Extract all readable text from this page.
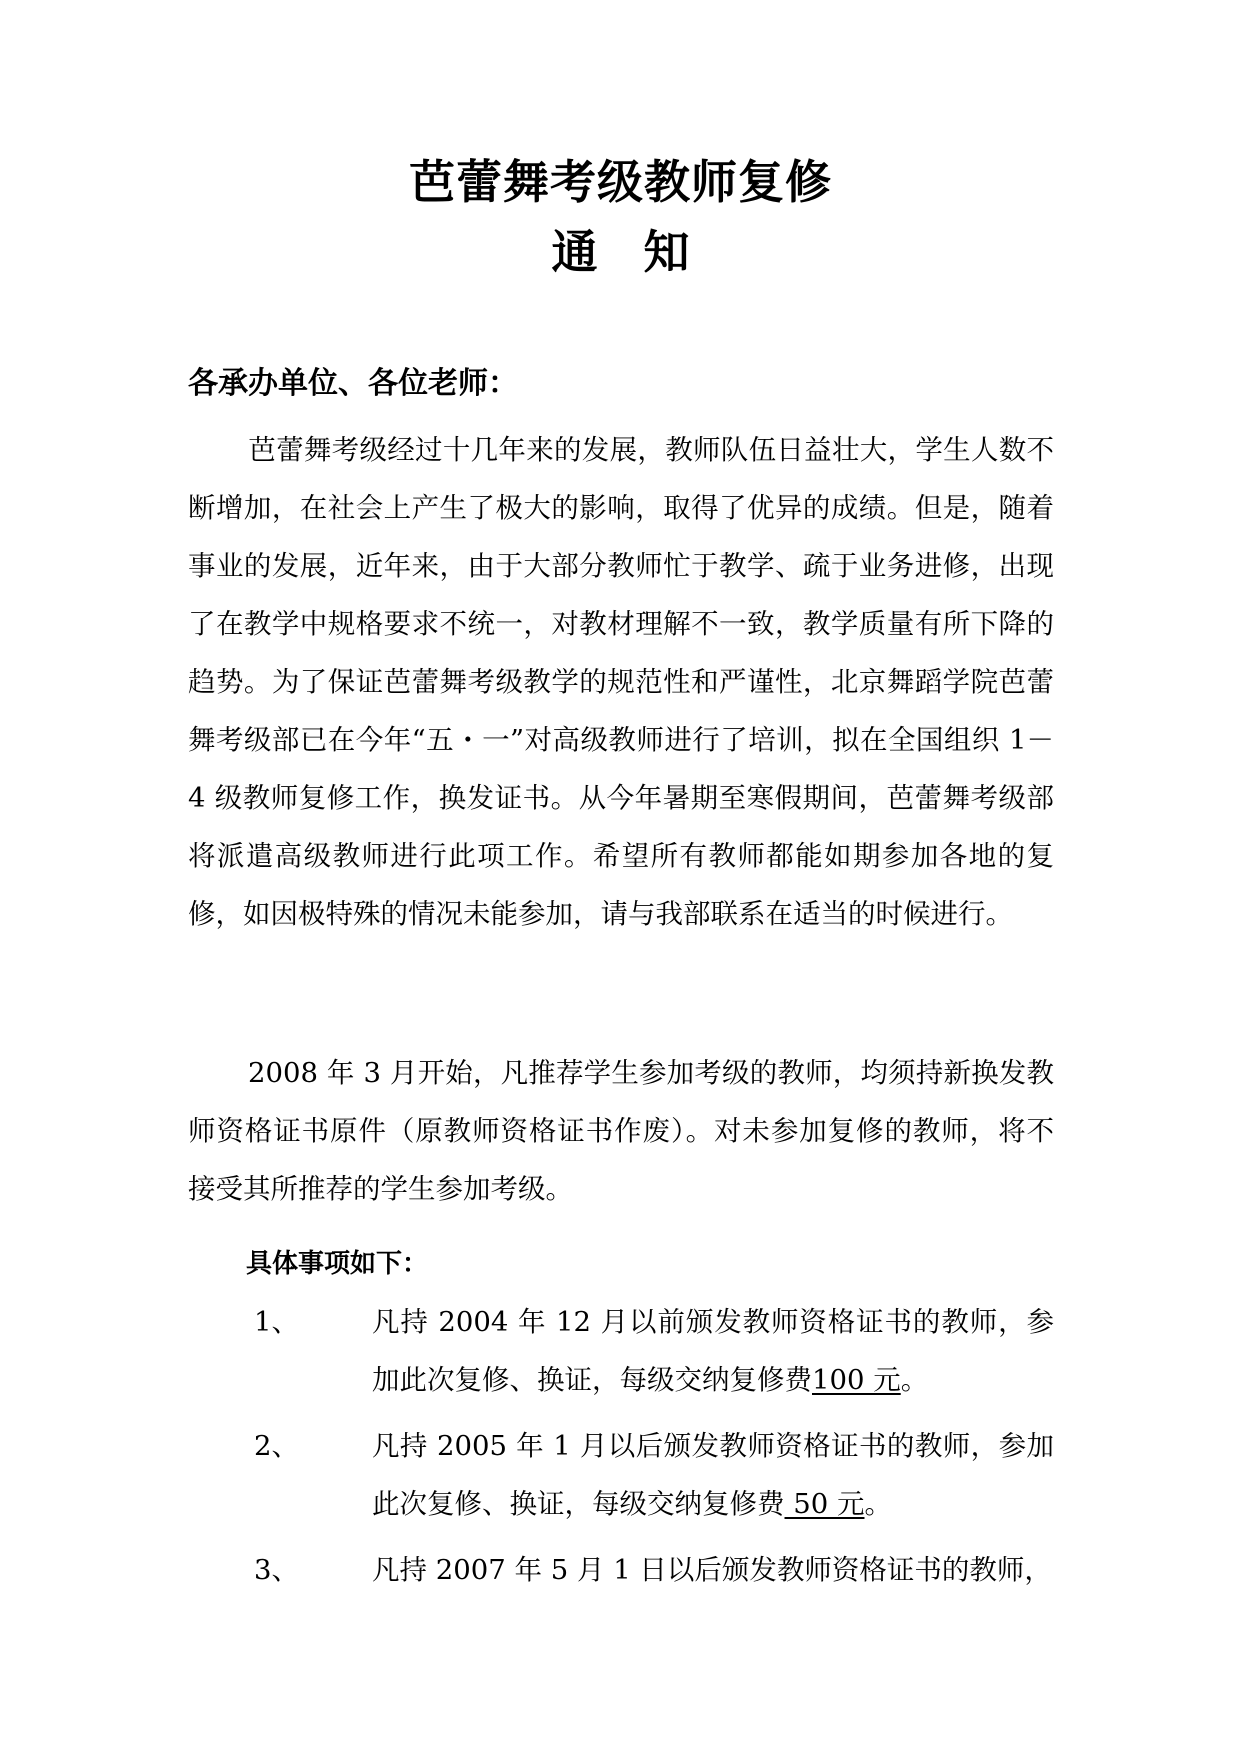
芭蕾舞考级教师复修
通　知
各承办单位、各位老师：

芭蕾舞考级经过十几年来的发展，教师队伍日益壮大，学生人数不断增加，在社会上产生了极大的影响，取得了优异的成绩。但是，随着事业的发展，近年来，由于大部分教师忙于教学、疏于业务进修，出现了在教学中规格要求不统一，对教材理解不一致，教学质量有所下降的趋势。为了保证芭蕾舞考级教学的规范性和严谨性，北京舞蹈学院芭蕾舞考级部已在今年“五・一”对高级教师进行了培训，拟在全国组织 1－4 级教师复修工作，换发证书。从今年暑期至寒假期间，芭蕾舞考级部将派遣高级教师进行此项工作。希望所有教师都能如期参加各地的复修，如因极特殊的情况未能参加，请与我部联系在适当的时候进行。

2008 年 3 月开始，凡推荐学生参加考级的教师，均须持新换发教师资格证书原件（原教师资格证书作废）。对未参加复修的教师，将不接受其所推荐的学生参加考级。

具体事项如下：
1、	凡持 2004 年 12 月以前颁发教师资格证书的教师，参加此次复修、换证，每级交纳复修费100 元。
2、	凡持 2005 年 1 月以后颁发教师资格证书的教师，参加此次复修、换证，每级交纳复修费 50 元。
3、	凡持 2007 年 5 月 1 日以后颁发教师资格证书的教师，
